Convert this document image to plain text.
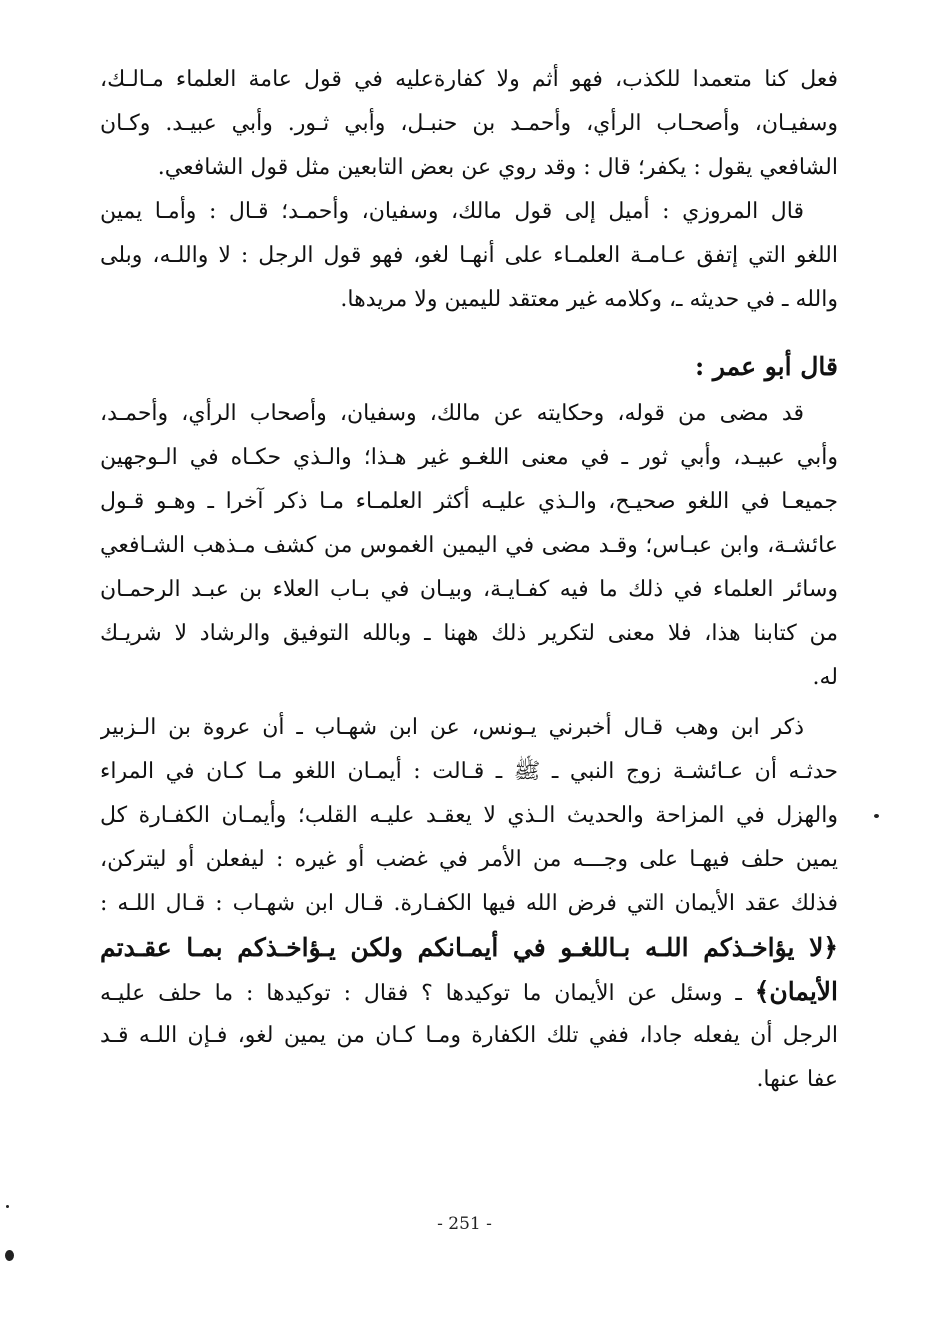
فعل كنا متعمدا للكذب، فهو أثم ولا كفارةعليه في قول عامة العلماء مـالـك،
وسفيـان، وأصحـاب الرأي، وأحمـد بن حنبـل، وأبي ثـور. وأبي عبيـد. وكـان
الشافعي يقول : يكفر؛ قال : وقد روي عن بعض التابعين مثل قول الشافعي.
قال المروزي : أميل إلى قول مالك، وسفيان، وأحمـد؛ قـال : وأمـا يمين
اللغو التي إتفق عـامـة العلمـاء على أنهـا لغو، فهو قول الرجل : لا واللـه، وبلى
والله ـ في حديثه ـ، وكلامه غير معتقد لليمين ولا مريدها.
قال أبو عمر :
قد مضى من قوله، وحكايته عن مالك، وسفيان، وأصحاب الرأي، وأحمـد،
وأبي عبيـد، وأبي ثور ـ في معنى اللغـو غير هـذا؛ والـذي حكـاه في الـوجهين
جميعـا في اللغو صحيـح، والـذي عليـه أكثر العلمـاء مـا ذكر آخرا ـ وهـو قـول
عائشـة، وابن عبـاس؛ وقـد مضى في اليمين الغموس من كشف مـذهب الشـافعي
وسائر العلماء في ذلك ما فيه كفـايـة، وبيـان في بـاب العلاء بن عبـد الرحمـان
من كتابنا هذا، فلا معنى لتكرير ذلك ههنا ـ وبالله التوفيق والرشاد لا شريـك
له.
ذكر ابن وهب قـال أخبرني يـونس، عن ابن شهـاب ـ أن عروة بن الـزبير
حدثـه أن عـائشـة زوج النبي ـ ﷺ ـ قـالت : أيمـان اللغو مـا كـان في المراء
والهزل في المزاحة والحديث الـذي لا يعقـد عليـه القلب؛ وأيمـان الكفـارة كل
يمين حلف فيهـا على وجـــه من الأمر في غضب أو غيره : ليفعلن أو ليتركن،
فذلك عقد الأيمان التي فرض الله فيها الكفـارة. قـال ابن شهـاب : قـال اللـه :
﴿لا يؤاخـذكم اللـه بـاللغـو في أيمـانكم ولكن يـؤاخـذكم بمـا عقـدتم
الأيمان﴾ ـ وسئل عن الأيمان ما توكيدها ؟ فقال : توكيدها : ما حلف عليـه
الرجل أن يفعله جادا، ففي تلك الكفارة ومـا كـان من يمين لغو، فـإن اللـه قـد
عفا عنها.
- 251 -
